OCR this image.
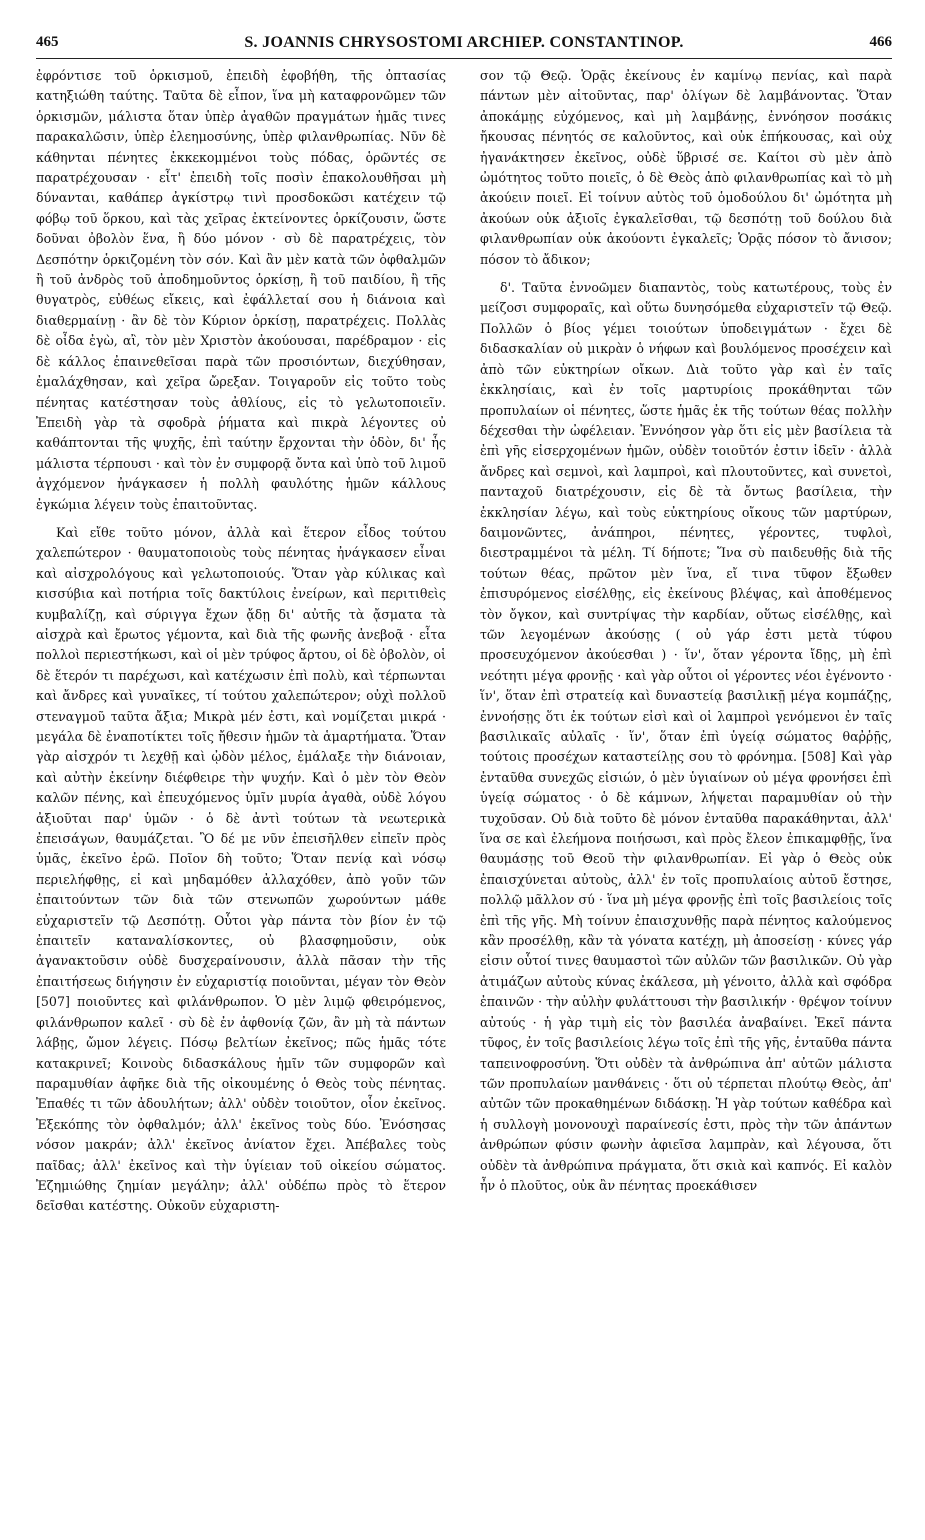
465	S. JOANNIS CHRYSOSTOMI ARCHIEP. CONSTANTINOP.	466

ἐφρόντισε τοῦ ὁρκισμοῦ, ἐπειδὴ ἐφοβήθη, τῆς ὀπτασίας κατηξιώθη ταύτης. Ταῦτα δὲ εἶπον, ἵνα μὴ καταφρονῶμεν τῶν ὁρκισμῶν, μάλιστα ὅταν ὑπὲρ ἀγαθῶν πραγμάτων ἡμᾶς τινες παρακαλῶσιν, ὑπὲρ ἐλεημοσύνης, ὑπὲρ φιλανθρωπίας. Νῦν δὲ κάθηνται πένητες ἐκκεκομμένοι τοὺς πόδας, ὁρῶντές σε παρατρέχουσαν · εἶτ' ἐπειδὴ τοῖς ποσὶν ἐπακολουθῆσαι μὴ δύνανται, καθάπερ ἀγκίστρῳ τινὶ προσδοκῶσι κατέχειν τῷ φόβῳ τοῦ ὅρκου, καὶ τὰς χεῖρας ἐκτείνοντες ὁρκίζουσιν, ὥστε δοῦναι ὀβολὸν ἕνα, ἢ δύο μόνον · σὺ δὲ παρατρέχεις, τὸν Δεσπότην ὁρκιζομένη τὸν σόν. Καὶ ἂν μὲν κατὰ τῶν ὀφθαλμῶν ἢ τοῦ ἀνδρὸς τοῦ ἀποδημοῦντος ὁρκίσῃ, ἢ τοῦ παιδίου, ἢ τῆς θυγατρὸς, εὐθέως εἴκεις, καὶ ἐφάλλεταί σου ἡ διάνοια καὶ διαθερμαίνῃ · ἂν δὲ τὸν Κύριον ὁρκίσῃ, παρατρέχεις. Πολλὰς δὲ οἶδα ἐγὼ, αἲ, τὸν μὲν Χριστὸν ἀκούουσαι, παρέδραμον · εἰς δὲ κάλλος ἐπαινεθεῖσαι παρὰ τῶν προσιόντων, διεχύθησαν, ἐμαλάχθησαν, καὶ χεῖρα ὤρεξαν. Τοιγαροῦν εἰς τοῦτο τοὺς πένητας κατέστησαν τοὺς ἀθλίους, εἰς τὸ γελωτοποιεῖν. Ἐπειδὴ γὰρ τὰ σφοδρὰ ῥήματα καὶ πικρὰ λέγοντες οὐ καθάπτονται τῆς ψυχῆς, ἐπὶ ταύτην ἔρχονται τὴν ὁδὸν, δι' ἧς μάλιστα τέρπουσι · καὶ τὸν ἐν συμφορᾷ ὄντα καὶ ὑπὸ τοῦ λιμοῦ ἀγχόμενον ἠνάγκασεν ἡ πολλὴ φαυλότης ἡμῶν κάλλους ἐγκώμια λέγειν τοὺς ἐπαιτοῦντας.

Καὶ εἴθε τοῦτο μόνον, ἀλλὰ καὶ ἕτερον εἶδος τούτου χαλεπώτερον · θαυματοποιοὺς τοὺς πένητας ἠνάγκασεν εἶναι καὶ αἰσχρολόγους καὶ γελωτοποιούς. Ὅταν γὰρ κύλικας καὶ κισσύβια καὶ ποτήρια τοῖς δακτύλοις ἐνείρων, καὶ περιτιθεὶς κυμβαλίζῃ, καὶ σύριγγα ἔχων ᾄδῃ δι' αὐτῆς τὰ ᾄσματα τὰ αἰσχρὰ καὶ ἔρωτος γέμοντα, καὶ διὰ τῆς φωνῆς ἀνεβοᾷ · εἶτα πολλοὶ περιεστήκωσι, καὶ οἱ μὲν τρύφος ἄρτου, οἱ δὲ ὀβολὸν, οἱ δὲ ἕτερόν τι παρέχωσι, καὶ κατέχωσιν ἐπὶ πολὺ, καὶ τέρπωνται καὶ ἄνδρες καὶ γυναῖκες, τί τούτου χαλεπώτερον; οὐχὶ πολλοῦ στεναγμοῦ ταῦτα ἄξια; Μικρὰ μέν ἐστι, καὶ νομίζεται μικρά · μεγάλα δὲ ἐναποτίκτει τοῖς ἤθεσιν ἡμῶν τὰ ἁμαρτήματα. Ὅταν γὰρ αἰσχρόν τι λεχθῇ καὶ ᾠδὸν μέλος, ἐμάλαξε τὴν διάνοιαν, καὶ αὐτὴν ἐκείνην διέφθειρε τὴν ψυχήν. Καὶ ὁ μὲν τὸν Θεὸν καλῶν πένης, καὶ ἐπευχόμενος ὑμῖν μυρία ἀγαθὰ, οὐδὲ λόγου ἀξιοῦται παρ' ὑμῶν · ὁ δὲ ἀντὶ τούτων τὰ νεωτερικὰ ἐπεισάγων, θαυμάζεται. Ὃ δέ με νῦν ἐπεισῆλθεν εἰπεῖν πρὸς ὑμᾶς, ἐκεῖνο ἐρῶ. Ποῖον δὴ τοῦτο; Ὅταν πενίᾳ καὶ νόσῳ περιελήφθῃς, εἰ καὶ μηδαμόθεν ἀλλαχόθεν, ἀπὸ γοῦν τῶν ἐπαιτούντων τῶν διὰ τῶν στενωπῶν χωρούντων μάθε εὐχαριστεῖν τῷ Δεσπότῃ. Οὗτοι γὰρ πάντα τὸν βίον ἐν τῷ ἐπαιτεῖν καταναλίσκοντες, οὐ βλασφημοῦσιν, οὐκ ἀγανακτοῦσιν οὐδὲ δυσχεραίνουσιν, ἀλλὰ πᾶσαν τὴν τῆς ἐπαιτήσεως διήγησιν ἐν εὐχαριστίᾳ ποιοῦνται, μέγαν τὸν Θεὸν [507] ποιοῦντες καὶ φιλάνθρωπον. Ὁ μὲν λιμῷ φθειρόμενος, φιλάνθρωπον καλεῖ · σὺ δὲ ἐν ἀφθονίᾳ ζῶν, ἂν μὴ τὰ πάντων λάβῃς, ὤμον λέγεις. Πόσῳ βελτίων ἐκεῖνος; πῶς ἡμᾶς τότε κατακρινεῖ; Κοινοὺς διδασκάλους ἡμῖν τῶν συμφορῶν καὶ παραμυθίαν ἀφῆκε διὰ τῆς οἰκουμένης ὁ Θεὸς τοὺς πένητας. Ἐπαθές τι τῶν ἀδουλήτων; ἀλλ' οὐδὲν τοιοῦτον, οἷον ἐκεῖνος. Ἐξεκόπης τὸν ὀφθαλμόν; ἀλλ' ἐκεῖνος τοὺς δύο. Ἐνόσησας νόσον μακράν; ἀλλ' ἐκεῖνος ἀνίατον ἔχει. Ἀπέβαλες τοὺς παῖδας; ἀλλ' ἐκεῖνος καὶ τὴν ὑγίειαν τοῦ οἰκείου σώματος. Ἐζημιώθης ζημίαν μεγάλην; ἀλλ' οὐδέπω πρὸς τὸ ἕτερον δεῖσθαι κατέστης. Οὐκοῦν εὐχαριστη-

σον τῷ Θεῷ. Ὁρᾷς ἐκείνους ἐν καμίνῳ πενίας, καὶ παρὰ πάντων μὲν αἰτοῦντας, παρ' ὀλίγων δὲ λαμβάνοντας. Ὅταν ἀποκάμῃς εὐχόμενος, καὶ μὴ λαμβάνῃς, ἐννόησον ποσάκις ἤκουσας πένητός σε καλοῦντος, καὶ οὐκ ἐπήκουσας, καὶ οὐχ ἠγανάκτησεν ἐκεῖνος, οὐδὲ ὕβρισέ σε. Καίτοι σὺ μὲν ἀπὸ ὠμότητος τοῦτο ποιεῖς, ὁ δὲ Θεὸς ἀπὸ φιλανθρωπίας καὶ τὸ μὴ ἀκούειν ποιεῖ. Εἰ τοίνυν αὐτὸς τοῦ ὁμοδούλου δι' ὠμότητα μὴ ἀκούων οὐκ ἀξιοῖς ἐγκαλεῖσθαι, τῷ δεσπότῃ τοῦ δούλου διὰ φιλανθρωπίαν οὐκ ἀκούοντι ἐγκαλεῖς; Ὁρᾷς πόσον τὸ ἄνισον; πόσον τὸ ἄδικον;

δ'. Ταῦτα ἐννοῶμεν διαπαντὸς, τοὺς κατωτέρους, τοὺς ἐν μείζοσι συμφοραῖς, καὶ οὕτω δυνησόμεθα εὐχαριστεῖν τῷ Θεῷ. Πολλῶν ὁ βίος γέμει τοιούτων ὑποδειγμάτων · ἔχει δὲ διδασκαλίαν οὐ μικρὰν ὁ νήφων καὶ βουλόμενος προσέχειν καὶ ἀπὸ τῶν εὐκτηρίων οἴκων. Διὰ τοῦτο γὰρ καὶ ἐν ταῖς ἐκκλησίαις, καὶ ἐν τοῖς μαρτυρίοις προκάθηνται τῶν προπυλαίων οἱ πένητες, ὥστε ἡμᾶς ἐκ τῆς τούτων θέας πολλὴν δέχεσθαι τὴν ὠφέλειαν. Ἐννόησον γὰρ ὅτι εἰς μὲν βασίλεια τὰ ἐπὶ γῆς εἰσερχομένων ἡμῶν, οὐδὲν τοιοῦτόν ἐστιν ἰδεῖν · ἀλλὰ ἄνδρες καὶ σεμνοὶ, καὶ λαμπροὶ, καὶ πλουτοῦντες, καὶ συνετοὶ, πανταχοῦ διατρέχουσιν, εἰς δὲ τὰ ὄντως βασίλεια, τὴν ἐκκλησίαν λέγω, καὶ τοὺς εὐκτηρίους οἴκους τῶν μαρτύρων, δαιμονῶντες, ἀνάπηροι, πένητες, γέροντες, τυφλοὶ, διεστραμμένοι τὰ μέλη. Τί δήποτε; Ἵνα σὺ παιδευθῇς διὰ τῆς τούτων θέας, πρῶτον μὲν ἵνα, εἴ τινα τῦφον ἔξωθεν ἐπισυρόμενος εἰσέλθῃς, εἰς ἐκείνους βλέψας, καὶ ἀποθέμενος τὸν ὄγκον, καὶ συντρίψας τὴν καρδίαν, οὕτως εἰσέλθῃς, καὶ τῶν λεγομένων ἀκούσῃς ( οὐ γάρ ἐστι μετὰ τύφου προσευχόμενον ἀκούεσθαι ) · ἵν', ὅταν γέροντα ἴδῃς, μὴ ἐπὶ νεότητι μέγα φρονῇς · καὶ γὰρ οὗτοι οἱ γέροντες νέοι ἐγένοντο · ἵν', ὅταν ἐπὶ στρατείᾳ καὶ δυναστείᾳ βασιλικῇ μέγα κομπάζῃς, ἐννοήσῃς ὅτι ἐκ τούτων εἰσὶ καὶ οἱ λαμπροὶ γενόμενοι ἐν ταῖς βασιλικαῖς αὐλαῖς · ἵν', ὅταν ἐπὶ ὑγείᾳ σώματος θαῤῥῇς, τούτοις προσέχων καταστείλῃς σου τὸ φρόνημα. [508] Καὶ γὰρ ἐνταῦθα συνεχῶς εἰσιών, ὁ μὲν ὑγιαίνων οὐ μέγα φρονήσει ἐπὶ ὑγείᾳ σώματος · ὁ δὲ κάμνων, λήψεται παραμυθίαν οὐ τὴν τυχοῦσαν. Οὐ διὰ τοῦτο δὲ μόνον ἐνταῦθα παρακάθηνται, ἀλλ' ἵνα σε καὶ ἐλεήμονα ποιήσωσι, καὶ πρὸς ἔλεον ἐπικαμφθῇς, ἵνα θαυμάσῃς τοῦ Θεοῦ τὴν φιλανθρωπίαν. Εἰ γὰρ ὁ Θεὸς οὐκ ἐπαισχύνεται αὐτοὺς, ἀλλ' ἐν τοῖς προπυλαίοις αὐτοῦ ἔστησε, πολλῷ μᾶλλον σύ · ἵνα μὴ μέγα φρονῇς ἐπὶ τοῖς βασιλείοις τοῖς ἐπὶ τῆς γῆς. Μὴ τοίνυν ἐπαισχυνθῇς παρὰ πένητος καλούμενος κἂν προσέλθῃ, κἂν τὰ γόνατα κατέχῃ, μὴ ἀποσείσῃ · κύνες γάρ εἰσιν οὗτοί τινες θαυμαστοὶ τῶν αὐλῶν τῶν βασιλικῶν. Οὐ γὰρ ἀτιμάζων αὐτοὺς κύνας ἐκάλεσα, μὴ γένοιτο, ἀλλὰ καὶ σφόδρα ἐπαινῶν · τὴν αὐλὴν φυλάττουσι τὴν βασιλικήν · θρέψον τοίνυν αὐτούς · ἡ γὰρ τιμὴ εἰς τὸν βασιλέα ἀναβαίνει. Ἐκεῖ πάντα τῦφος, ἐν τοῖς βασιλείοις λέγω τοῖς ἐπὶ τῆς γῆς, ἐνταῦθα πάντα ταπεινοφροσύνη. Ὅτι οὐδὲν τὰ ἀνθρώπινα ἀπ' αὐτῶν μάλιστα τῶν προπυλαίων μανθάνεις · ὅτι οὐ τέρπεται πλούτῳ Θεὸς, ἀπ' αὐτῶν τῶν προκαθημένων διδάσκῃ. Ἡ γὰρ τούτων καθέδρα καὶ ἡ συλλογὴ μονονουχὶ παραίνεσίς ἐστι, πρὸς τὴν τῶν ἁπάντων ἀνθρώπων φύσιν φωνὴν ἀφιεῖσα λαμπρὰν, καὶ λέγουσα, ὅτι οὐδὲν τὰ ἀνθρώπινα πράγματα, ὅτι σκιὰ καὶ καπνός. Εἰ καλὸν ἦν ὁ πλοῦτος, οὐκ ἂν πένητας προεκάθισεν
